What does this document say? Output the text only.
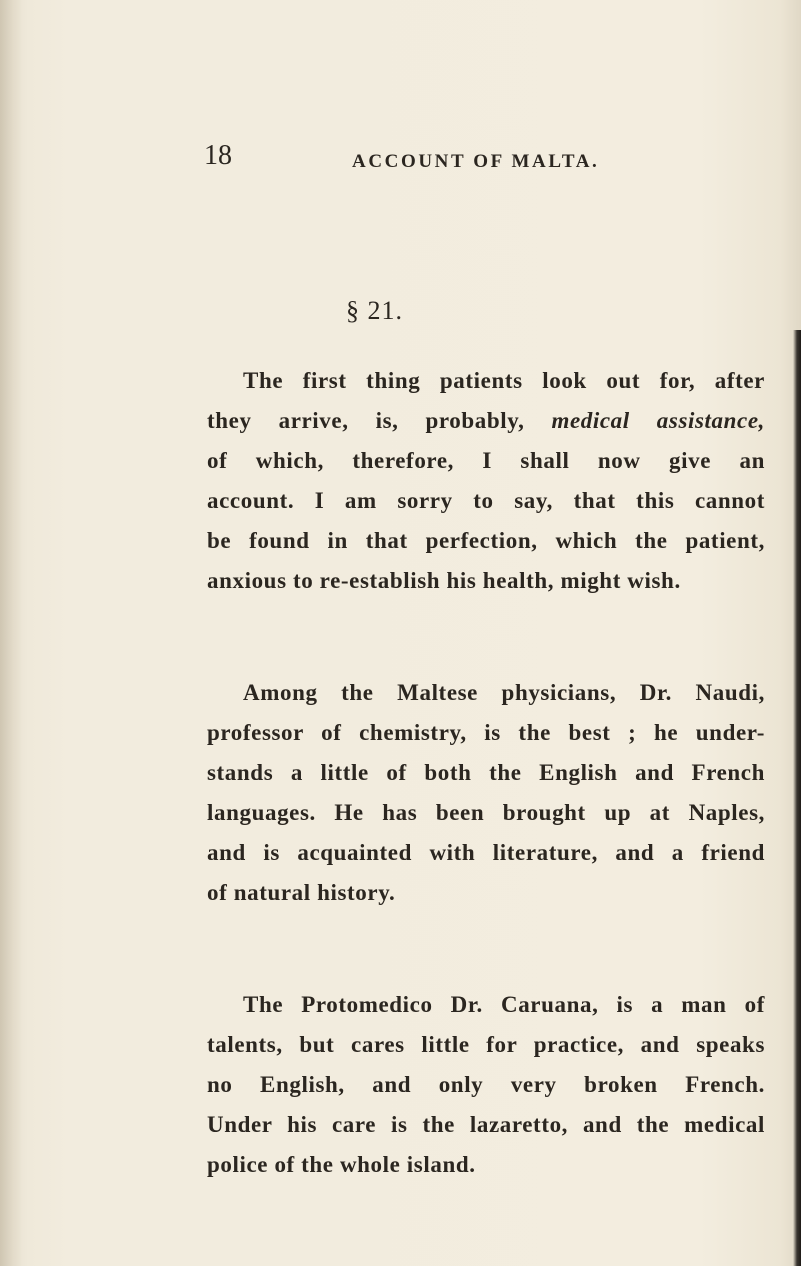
18	ACCOUNT OF MALTA.
§ 21.
The first thing patients look out for, after
they arrive, is, probably, medical assistance,
of which, therefore, I shall now give an
account. I am sorry to say, that this cannot
be found in that perfection, which the patient,
anxious to re-establish his health, might wish.
Among the Maltese physicians, Dr. Naudi,
professor of chemistry, is the best ; he under-
stands a little of both the English and French
languages. He has been brought up at Naples,
and is acquainted with literature, and a friend
of natural history.
The Protomedico Dr. Caruana, is a man of
talents, but cares little for practice, and speaks
no English, and only very broken French.
Under his care is the lazaretto, and the medical
police of the whole island.
